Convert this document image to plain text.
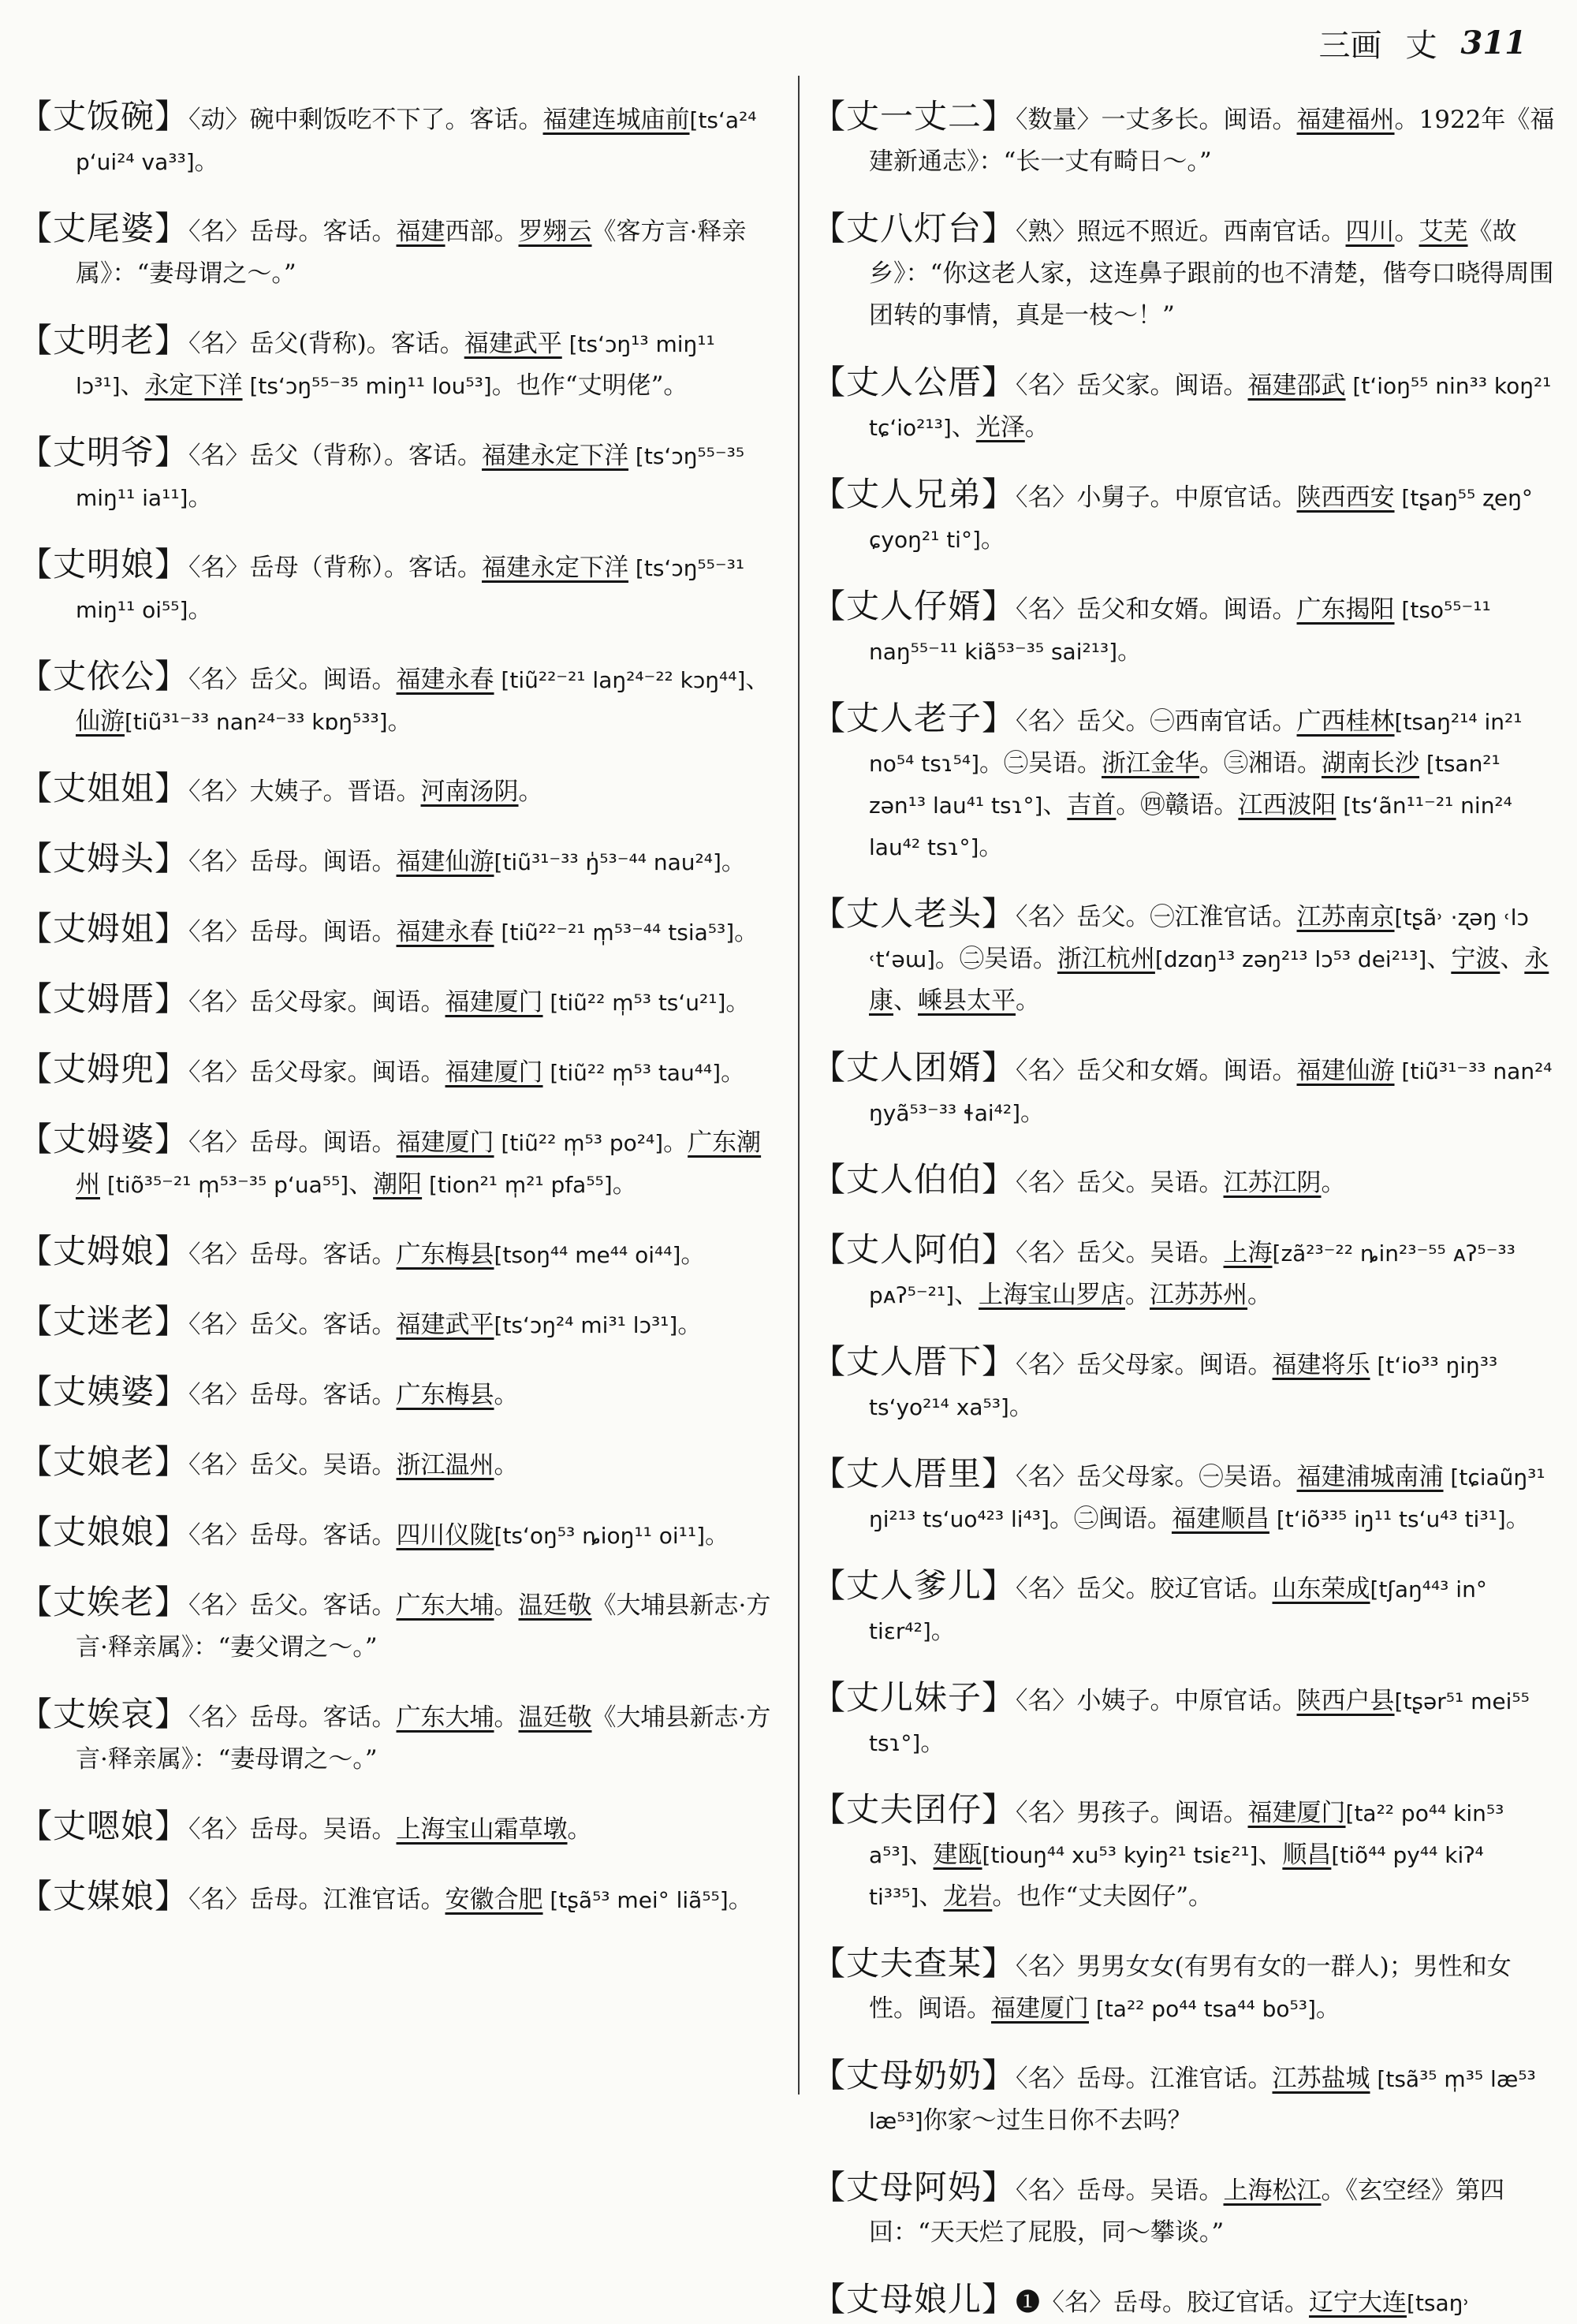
三画 丈 311

【丈饭碗】〈动〉碗中剩饭吃不下了。客话。福建连城庙前[tsʻa²⁴ pʻui²⁴ va³³]。

【丈尾婆】〈名〉岳母。客话。福建西部。罗翙云《客方言·释亲属》：“妻母谓之～。”

【丈明老】〈名〉岳父(背称)。客话。福建武平 [tsʻɔŋ¹³ miŋ¹¹ lɔ³¹]、永定下洋 [tsʻɔŋ⁵⁵⁻³⁵ miŋ¹¹ lou⁵³]。也作“丈明佬”。

【丈明爷】〈名〉岳父（背称）。客话。福建永定下洋 [tsʻɔŋ⁵⁵⁻³⁵ miŋ¹¹ ia¹¹]。

【丈明娘】〈名〉岳母（背称）。客话。福建永定下洋 [tsʻɔŋ⁵⁵⁻³¹ miŋ¹¹ oi⁵⁵]。

【丈依公】〈名〉岳父。闽语。福建永春 [tiũ²²⁻²¹ laŋ²⁴⁻²² kɔŋ⁴⁴]、仙游[tiũ³¹⁻³³ nan²⁴⁻³³ kɒŋ⁵³³]。

【丈姐姐】〈名〉大姨子。晋语。河南汤阴。

【丈姆头】〈名〉岳母。闽语。福建仙游[tiũ³¹⁻³³ ŋ̍⁵³⁻⁴⁴ nau²⁴]。

【丈姆姐】〈名〉岳母。闽语。福建永春 [tiũ²²⁻²¹ m̩⁵³⁻⁴⁴ tsia⁵³]。

【丈姆厝】〈名〉岳父母家。闽语。福建厦门 [tiũ²² m̩⁵³ tsʻu²¹]。

【丈姆兜】〈名〉岳父母家。闽语。福建厦门 [tiũ²² m̩⁵³ tau⁴⁴]。

【丈姆婆】〈名〉岳母。闽语。福建厦门 [tiũ²² m̩⁵³ po²⁴]。广东潮州 [tiõ³⁵⁻²¹ m̩⁵³⁻³⁵ pʻua⁵⁵]、潮阳 [tion²¹ m̩²¹ pfa⁵⁵]。

【丈姆娘】〈名〉岳母。客话。广东梅县[tsoŋ⁴⁴ me⁴⁴ oi⁴⁴]。

【丈迷老】〈名〉岳父。客话。福建武平[tsʻɔŋ²⁴ mi³¹ lɔ³¹]。

【丈姨婆】〈名〉岳母。客话。广东梅县。

【丈娘老】〈名〉岳父。吴语。浙江温州。

【丈娘娘】〈名〉岳母。客话。四川仪陇[tsʻoŋ⁵³ ȵioŋ¹¹ oi¹¹]。

【丈娭老】〈名〉岳父。客话。广东大埔。温廷敬《大埔县新志·方言·释亲属》：“妻父谓之～。”

【丈娭哀】〈名〉岳母。客话。广东大埔。温廷敬《大埔县新志·方言·释亲属》：“妻母谓之～。”

【丈嗯娘】〈名〉岳母。吴语。上海宝山霜草墩。

【丈媒娘】〈名〉岳母。江淮官话。安徽合肥 [tʂã⁵³ mei° liã⁵⁵]。

【丈一丈二】〈数量〉一丈多长。闽语。福建福州。1922年《福建新通志》：“长一丈有畸日～。”

【丈八灯台】〈熟〉照远不照近。西南官话。四川。艾芜《故乡》：“你这老人家，这连鼻子跟前的也不清楚，偕夸口晓得周围团转的事情，真是一枝～！”

【丈人公厝】〈名〉岳父家。闽语。福建邵武 [tʻioŋ⁵⁵ nin³³ koŋ²¹ tɕʻio²¹³]、光泽。

【丈人兄弟】〈名〉小舅子。中原官话。陕西西安 [tʂaŋ⁵⁵ ʐeŋ° ɕyoŋ²¹ ti°]。

【丈人仔婿】〈名〉岳父和女婿。闽语。广东揭阳 [tso⁵⁵⁻¹¹ naŋ⁵⁵⁻¹¹ kiã⁵³⁻³⁵ sai²¹³]。

【丈人老子】〈名〉岳父。㊀西南官话。广西桂林[tsaŋ²¹⁴ in²¹ no⁵⁴ tsɿ⁵⁴]。㊁吴语。浙江金华。㊂湘语。湖南长沙 [tsan²¹ zən¹³ lau⁴¹ tsɿ°]、吉首。㊃赣语。江西波阳 [tsʻãn¹¹⁻²¹ nin²⁴ lau⁴² tsɿ°]。

【丈人老头】〈名〉岳父。㊀江淮官话。江苏南京[tʂã˒ ·ʐəŋ ˓lɔ ˓tʻəɯ]。㊁吴语。浙江杭州[dzɑŋ¹³ zəŋ²¹³ lɔ⁵³ dei²¹³]、宁波、永康、嵊县太平。

【丈人团婿】〈名〉岳父和女婿。闽语。福建仙游 [tiũ³¹⁻³³ nan²⁴ ŋyã⁵³⁻³³ ɬai⁴²]。

【丈人伯伯】〈名〉岳父。吴语。江苏江阴。

【丈人阿伯】〈名〉岳父。吴语。上海[zã²³⁻²² ȵin²³⁻⁵⁵ ᴀʔ⁵⁻³³ pᴀʔ⁵⁻²¹]、上海宝山罗店。江苏苏州。

【丈人厝下】〈名〉岳父母家。闽语。福建将乐 [tʻio³³ ŋiŋ³³ tsʻyo²¹⁴ xa⁵³]。

【丈人厝里】〈名〉岳父母家。㊀吴语。福建浦城南浦 [tɕiaũŋ³¹ ŋi²¹³ tsʻuo⁴²³ li⁴³]。㊁闽语。福建顺昌 [tʻiõ³³⁵ iŋ¹¹ tsʻu⁴³ ti³¹]。

【丈人爹儿】〈名〉岳父。胶辽官话。山东荣成[tʃaŋ⁴⁴³ in° tiɛr⁴²]。

【丈儿妹子】〈名〉小姨子。中原官话。陕西户县[tʂər⁵¹ mei⁵⁵ tsɿ°]。

【丈夫囝仔】〈名〉男孩子。闽语。福建厦门[ta²² po⁴⁴ kin⁵³ a⁵³]、建瓯[tiouŋ⁴⁴ xu⁵³ kyiŋ²¹ tsiɛ²¹]、顺昌[tiõ⁴⁴ py⁴⁴ kiʔ⁴ ti³³⁵]、龙岩。也作“丈夫囡仔”。

【丈夫查某】〈名〉男男女女(有男有女的一群人)；男性和女性。闽语。福建厦门 [ta²² po⁴⁴ tsa⁴⁴ bo⁵³]。

【丈母奶奶】〈名〉岳母。江淮官话。江苏盐城 [tsã³⁵ m̩³⁵ læ⁵³ læ⁵³]你家～过生日你不去吗？

【丈母阿妈】〈名〉岳母。吴语。上海松江。《玄空经》第四回：“天天烂了屁股，同～攀谈。”

【丈母娘儿】❶〈名〉岳母。胶辽官话。辽宁大连[tsaŋ˒
